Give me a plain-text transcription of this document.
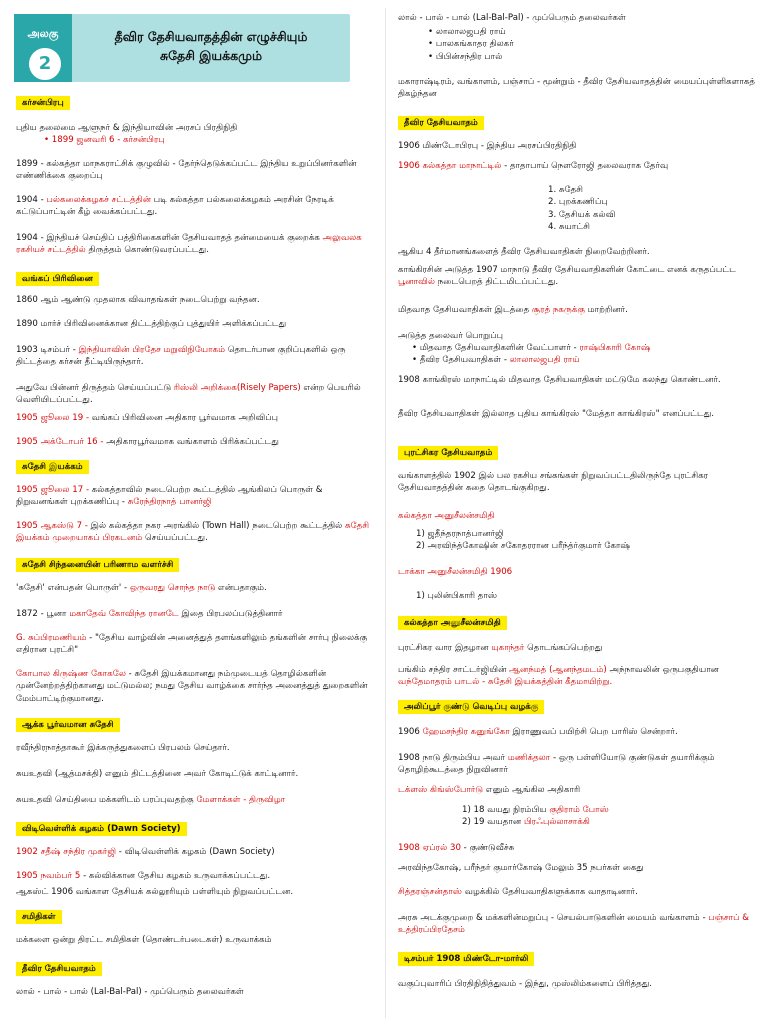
அலகு
2
தீவிர தேசியவாதத்தின் எழுச்சியும்
சுதேசி இயக்கமும்
கர்சன்பிரபு
புதிய தலைமை ஆளுநர் & இந்தியாவின் அரசப் பிரதிநிதி
• 1899 ஜனவரி 6 - கர்சன்பிரபு
1899 - கல்கத்தா மாநகராட்சிக் குழுவில் - தேர்ந்தெடுக்கப்பட்ட இந்திய உறுப்பினர்களின் எண்ணிக்கை குறைப்பு
1904 - பல்கலைக்கழகச் சட்டத்தின் படி கல்கத்தா பல்கலைக்கழகம் அரசின் நேரடிக் கட்டுப்பாட்டின் கீழ் வைக்கப்பட்டது.
1904 - இந்தியச் செய்திப் பத்திரிகைகளின் தேசியவாதத் தன்மையைக் குறைக்க அலுவலக ரகசியச் சட்டத்தில் திருத்தம் கொண்டுவரப்பட்டது.
வங்கப் பிரிவினை
1860 ஆம் ஆண்டு முதலாக விவாதங்கள் நடைபெற்று வந்தன.
1890 மார்ச் பிரிவினைக்கான திட்டத்திற்குப் புத்துயிர் அளிக்கப்பட்டது
1903 டிசம்பர் - இந்தியாவின் பிரதேச மறுவிநியோகம் தொடர்பான குறிப்புகளில் ஒரு திட்டத்தை கர்சன் தீட்டியிருந்தார்.
அதுவே பின்னர் திருத்தம் செய்யப்பட்டு ரிஸ்லி அறிக்கை(Risely Papers) என்ற பெயரில் வெளியிடப்பட்டது.
1905 ஜூலை 19 - வங்கப் பிரிவினை அதிகார பூர்வமாக அறிவிப்பு
1905 அக்டோபர் 16 - அதிகாரபூர்வமாக வங்காளம் பிரிக்கப்பட்டது
சுதேசி இயக்கம்
1905 ஜூலை 17 - கல்கத்தாவில் நடைபெற்ற கூட்டத்தில் ஆங்கிலப் பொருள் & நிறுவனங்கள் புறக்கணிப்பு - சுரேந்திரநாத் பானர்ஜி
1905 ஆகஸ்டு 7 - இல் கல்கத்தா நகர அரங்கில் (Town Hall) நடைபெற்ற கூட்டத்தில் சுதேசி இயக்கம் முறையாகப் பிரகடனம் செய்யப்பட்டது.
சுதேசி சிந்தனையின் பரிணாம வளர்ச்சி
'சுதேசி' என்பதன் பொருள்' - ஒருவரது சொந்த நாடு என்பதாகும்.
1872 - பூனா மகாதேவ் கோவிந்த ரானடே இதை பிரபலப்படுத்தினார்
G. சுப்பிரமணியம் - "தேசிய வாழ்வின் அனைத்துத் தளங்களிலும் தங்களின் சார்பு நிலைக்கு எதிரான புரட்சி"
கோபால கிருஷ்ண கோகலே - சுதேசி இயக்கமானது நம்முடையத் தொழில்களின் முன்னேற்றத்திற்கானது மட்டுமல்ல; நமது தேசிய வாழ்க்கை சார்ந்த அனைத்துத் துறைகளின் மேம்பாட்டிற்குமானது.
ஆக்க பூர்வமான சுதேசி
ரவீந்திரநாத்தாகூர் இக்கருத்துகளைப் பிரபலம் செய்தார்.
சுயஉதவி (ஆத்மசக்தி) எனும் திட்டத்தினை அவர் கோடிட்டுக் காட்டினார்.
சுயஉதவி செய்தியை மக்களிடம் பரப்புவதற்கு மேளாக்கள் - திருவிழா
விடிவெள்ளிக் கழகம் (Dawn Society)
1902 சதீஷ் சந்திர முகர்ஜி - விடிவெள்ளிக் கழகம் (Dawn Society)
1905 நவம்பர் 5 - கல்விக்கான தேசிய கழகம் உருவாக்கப்பட்டது.
ஆகஸ்ட் 1906 வங்காள தேசியக் கல்லூரியும் பள்ளியும் நிறுவப்பட்டன.
சமிதிகள்
மக்களை ஒன்று திரட்ட சமிதிகள் (தொண்டர்படைகள்) உருவாக்கம்
தீவிர தேசியவாதம்
லால் - பால் - பால் (Lal-Bal-Pal) - முப்பெரும் தலைவர்கள்
லால் - பால் - பால் (Lal-Bal-Pal) - முப்பெரும் தலைவர்கள்
• லாலாலஜபதி ராய்
• பாலகங்காதர திலகர்
• பிபின்சந்திர பால்
மகாராஷ்டிரம், வங்காளம், பஞ்சாப் - மூன்றும் - தீவிர தேசியவாதத்தின் மையப்புள்ளிகளாகத் திகழ்ந்தன
தீவிர தேசியவாதம்
1906 மிண்டோபிரபு - இந்திய அரசப்பிரதிநிதி
1906 கல்கத்தா மாநாட்டில் - தாதாபாய் நௌரோஜி தலைவராக தேர்வு
1. சுதேசி
2. புறக்கணிப்பு
3. தேசியக் கல்வி
4. சுயாட்சி
ஆகிய 4 தீர்மானங்களைத் தீவிர தேசியவாதிகள் நிறைவேற்றினர்.
காங்கிரசின் அடுத்த 1907 மாநாடு தீவிர தேசியவாதிகளின் கோட்டை எனக் கருதப்பட்ட பூனாவில் நடைபெறத் திட்டமிடப்பட்டது.
மிதவாத தேசியவாதிகள் இடத்தை சூரத் நகருக்கு மாற்றினர்.
அடுத்த தலைவர் பொறுப்பு
• மிதவாத தேசியவாதிகளின் வேட்பாளர் - ராஷ்பிகாரி கோஷ்
• தீவிர தேசியவாதிகள் - லாலாலஜபதி ராய்
1908 காங்கிரஸ் மாநாட்டில் மிதவாத தேசியவாதிகள் மட்டுமே கலந்து கொண்டனர்.
தீவிர தேசியவாதிகள் இல்லாத புதிய காங்கிரஸ் "மேத்தா காங்கிரஸ்" எனப்பட்டது.
புரட்சிகர தேசியவாதம்
வங்காளத்தில் 1902 இல் பல ரகசிய சங்கங்கள் நிறுவப்பட்டதிலிருந்தே புரட்சிகர தேசியவாதத்தின் கதை தொடங்குகிறது.
கல்கத்தா அனுசீலன்சமிதி
1) ஜதீந்தரநாத்பானர்ஜி
2) அரவிந்த்கோஷின் சகோதரரான பரீந்த்ர்குமார் கோஷ்
டாக்கா அனுசீலன்சமிதி 1906
1) புலின்பிகாரி தாஸ்
கல்கத்தா அனுசீலன்சமிதி
புரட்சிகர வார இதழான யுகாந்தர் தொடங்கப்பெற்றது
பங்கிம் சந்திர சாட்டர்ஜியின் ஆனந்மத் (ஆனந்தமடம்) அந்நாவலின் ஒருபகுதியான வந்தேமாதரம் பாடல் - சுதேசி இயக்கத்தின் கீதமாயிற்று.
அலிப்பூர் குண்டு வெடிப்பு வழக்கு
1906 ஹேமசந்திர கனுங்கோ இராணுவப் பயிற்சி பெற பாரிஸ் சென்றார்.
1908 நாடு திரும்பிய அவர் மணிக்தலா - ஒரு பள்ளியோடு குண்டுகள் தயாரிக்கும் தொழிற்கூடத்தை நிறுவினார்
டக்ளஸ் கிங்ஸ்போர்டு எனும் ஆங்கில அதிகாரி
1) 18 வயது நிரம்பிய குதிராம் போஸ்
2) 19 வயதான பிரஃபுல்லாசாக்கி
1908 ஏப்ரல் 30 - குண்டுவீச்சு
அரவிந்தகோஷ், பரீந்தர் குமார்கோஷ் மேலும் 35 நபர்கள் கைது
சித்தரஞ்சன்தாஸ் வழக்கில் தேசியவாதிகளுக்காக வாதாடினார்.
அரசு அடக்குமுறை & மக்களின்மறுப்பு - செயல்பாடுகளின் மையம் வங்காளம் - பஞ்சாப் & உத்திரப்பிரதேசம்
டிசம்பர் 1908 மிண்டோ-மார்லி
வகுப்புவாரிப் பிரதிநிதித்துவம் - இந்து, முஸ்லிம்களைப் பிரித்தது.
